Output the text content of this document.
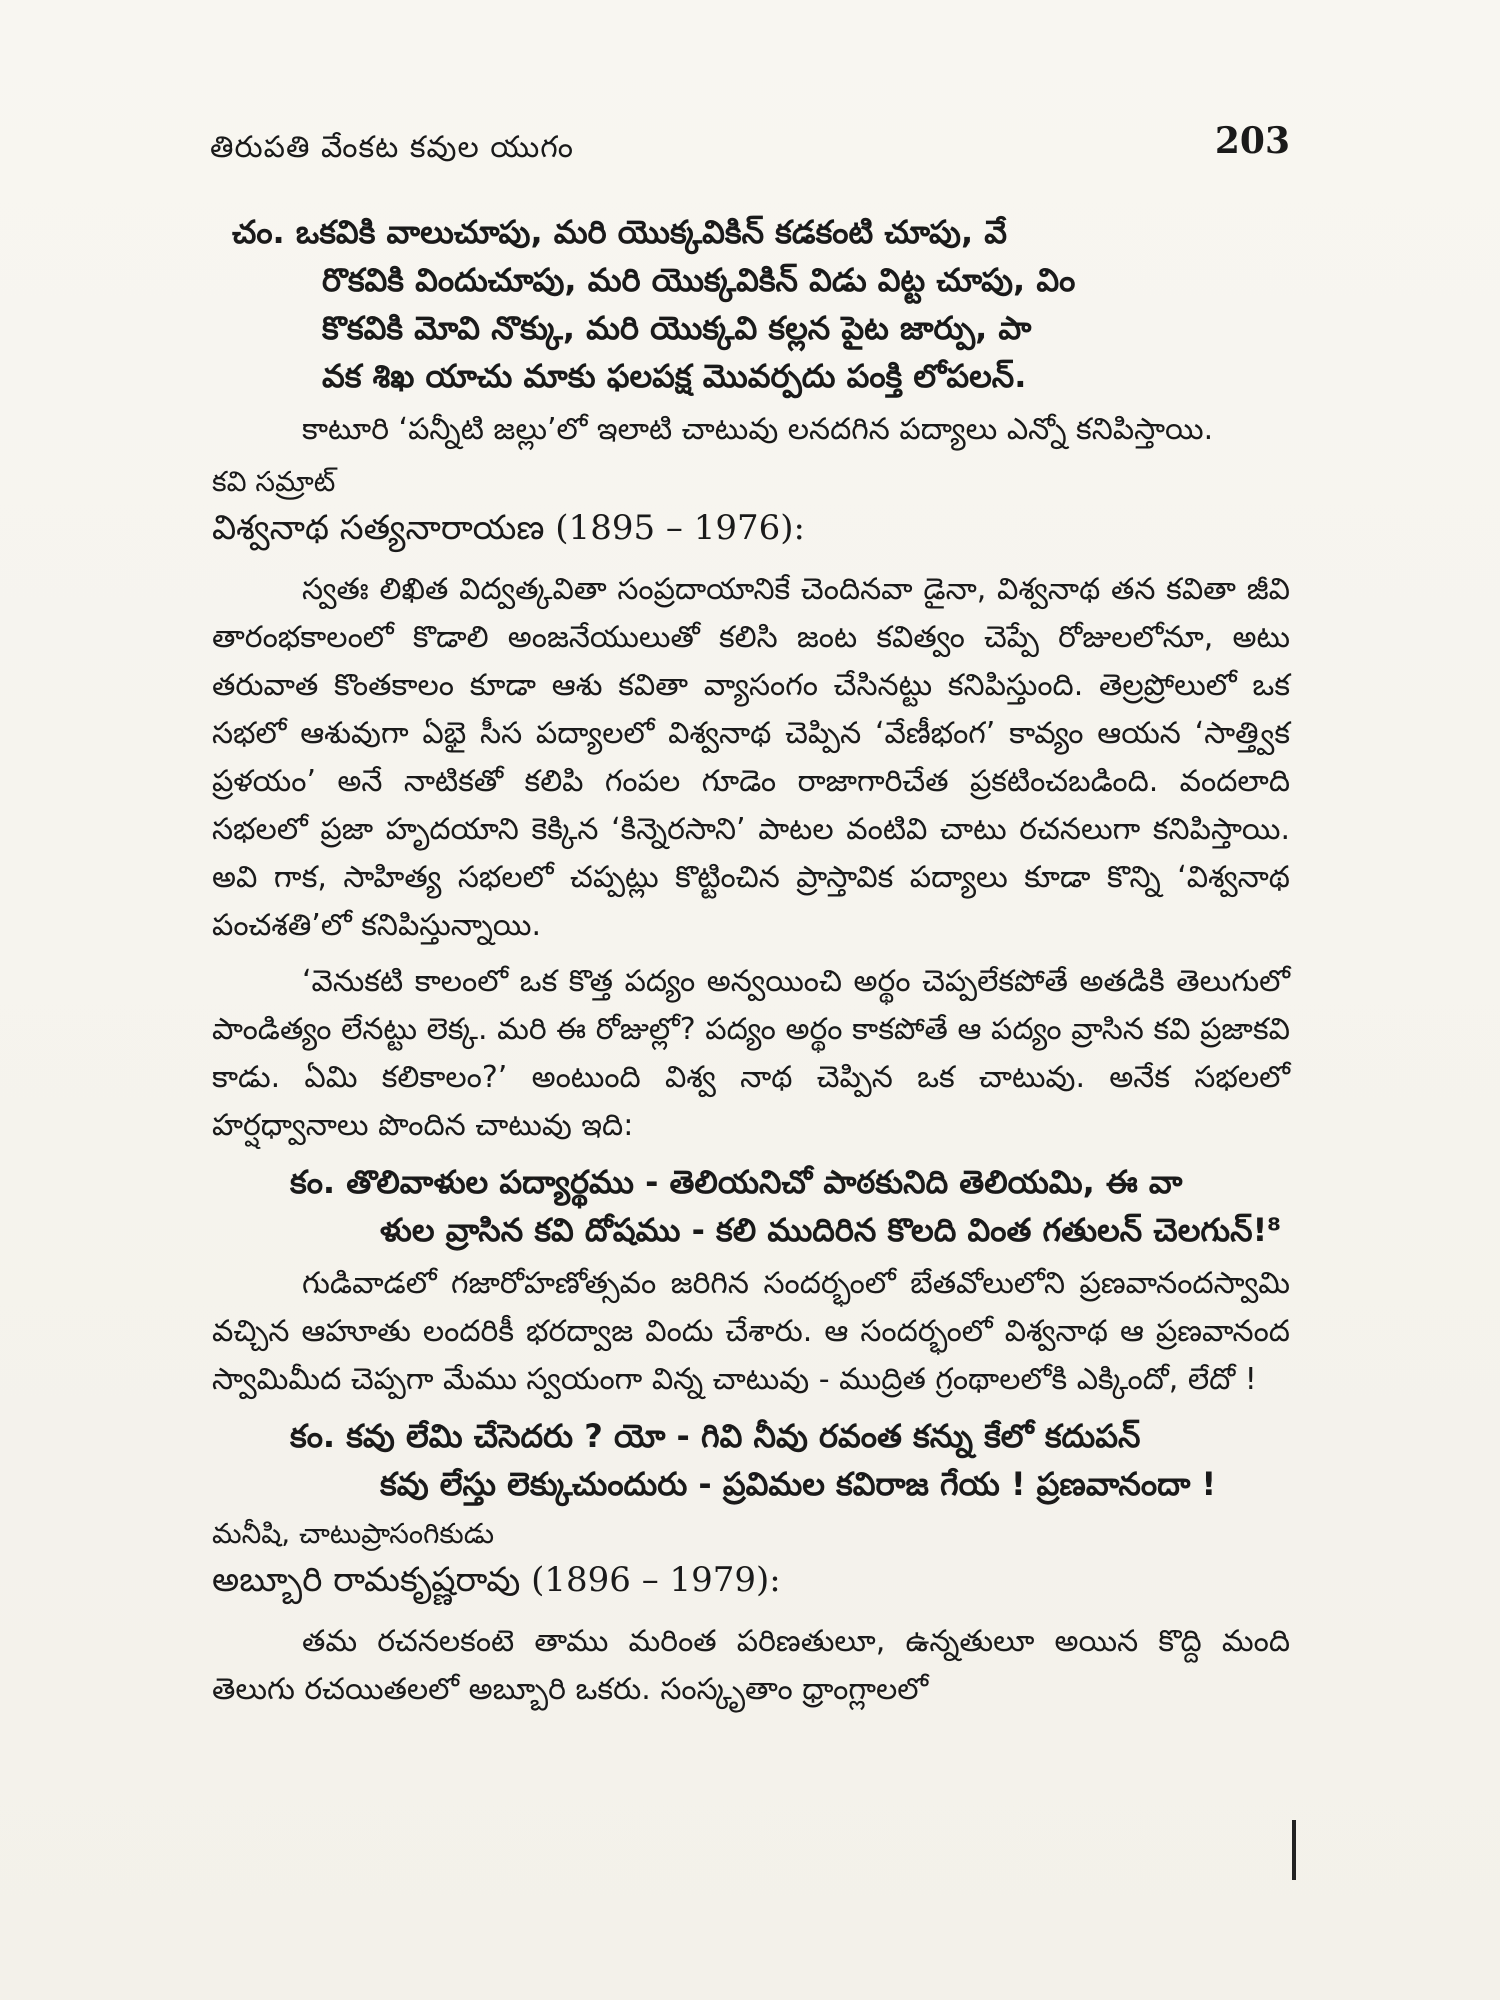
తిరుపతి వేంకట కవుల యుగం	203
చం. ఒకవికి వాలుచూపు, మరి యొక్కవికిన్ కడకంటి చూపు, వే
రొకవికి విందుచూపు, మరి యొక్కవికిన్ విడు విట్ట చూపు, విం
కొకవికి మోవి నొక్కు, మరి యొక్కవి కల్లన పైట జార్పు, పా
వక శిఖ యాచు మాకు ఫలపక్ష మొవర్పదు పంక్తి లోపలన్.

కాటూరి ‘పన్నీటి జల్లు’లో ఇలాటి చాటువు లనదగిన పద్యాలు ఎన్నో కనిపిస్తాయి.

కవి సమ్రాట్
విశ్వనాథ సత్యనారాయణ (1895 – 1976):

స్వతః లిఖిత విద్వత్కవితా సంప్రదాయానికే చెందినవా డైనా, విశ్వనాథ తన కవితా జీవి తారంభకాలంలో కొడాలి అంజనేయులుతో కలిసి జంట కవిత్వం చెప్పే రోజులలోనూ, అటు తరువాత కొంతకాలం కూడా ఆశు కవితా వ్యాసంగం చేసినట్టు కనిపిస్తుంది. తెల్రప్రోలులో ఒక సభలో ఆశువుగా ఏభై సీస పద్యాలలో విశ్వనాథ చెప్పిన ‘వేణీభంగ’ కావ్యం ఆయన ‘సాత్త్విక ప్రళయం’ అనే నాటికతో కలిపి గంపల గూడెం రాజాగారిచేత ప్రకటించబడింది. వందలాది సభలలో ప్రజా హృదయాని కెక్కిన ‘కిన్నెరసాని’ పాటల వంటివి చాటు రచనలుగా కనిపిస్తాయి. అవి గాక, సాహిత్య సభలలో చప్పట్లు కొట్టించిన ప్రాస్తావిక పద్యాలు కూడా కొన్ని ‘విశ్వనాథ పంచశతి’లో కనిపిస్తున్నాయి.

‘వెనుకటి కాలంలో ఒక కొత్త పద్యం అన్వయించి అర్థం చెప్పలేకపోతే అతడికి తెలుగులో పాండిత్యం లేనట్టు లెక్క. మరి ఈ రోజుల్లో? పద్యం అర్థం కాకపోతే ఆ పద్యం వ్రాసిన కవి ప్రజాకవి కాడు. ఏమి కలికాలం?’ అంటుంది విశ్వ నాథ చెప్పిన ఒక చాటువు. అనేక సభలలో హర్షధ్వానాలు పొందిన చాటువు ఇది:

కం. తొలివాళుల పద్యార్థము - తెలియనిచో పాఠకునిది తెలియమి, ఈ వా
ళుల వ్రాసిన కవి దోషము - కలి ముదిరిన కొలది వింత గతులన్ చెలగున్!⁸

గుడివాడలో గజారోహణోత్సవం జరిగిన సందర్భంలో బేతవోలులోని ప్రణవానందస్వామి వచ్చిన ఆహూతు లందరికీ భరద్వాజ విందు చేశారు. ఆ సందర్భంలో విశ్వనాథ ఆ ప్రణవానంద స్వామిమీద చెప్పగా మేము స్వయంగా విన్న చాటువు - ముద్రిత గ్రంథాలలోకి ఎక్కిందో, లేదో !

కం. కవు లేమి చేసెదరు ? యో - గివి నీవు రవంత కన్ను కేలో కదుపన్
కవు లేస్తు లెక్కుచుందురు - ప్రవిమల కవిరాజ గేయ ! ప్రణవానందా !
మనీషి, చాటుప్రాసంగికుడు
అబ్బూరి రామకృష్ణరావు (1896 – 1979):

తమ రచనలకంటె తాము మరింత పరిణతులూ, ఉన్నతులూ అయిన కొద్ది మంది తెలుగు రచయితలలో అబ్బూరి ఒకరు. సంస్కృతాం ధ్రాంగ్లాలలో
